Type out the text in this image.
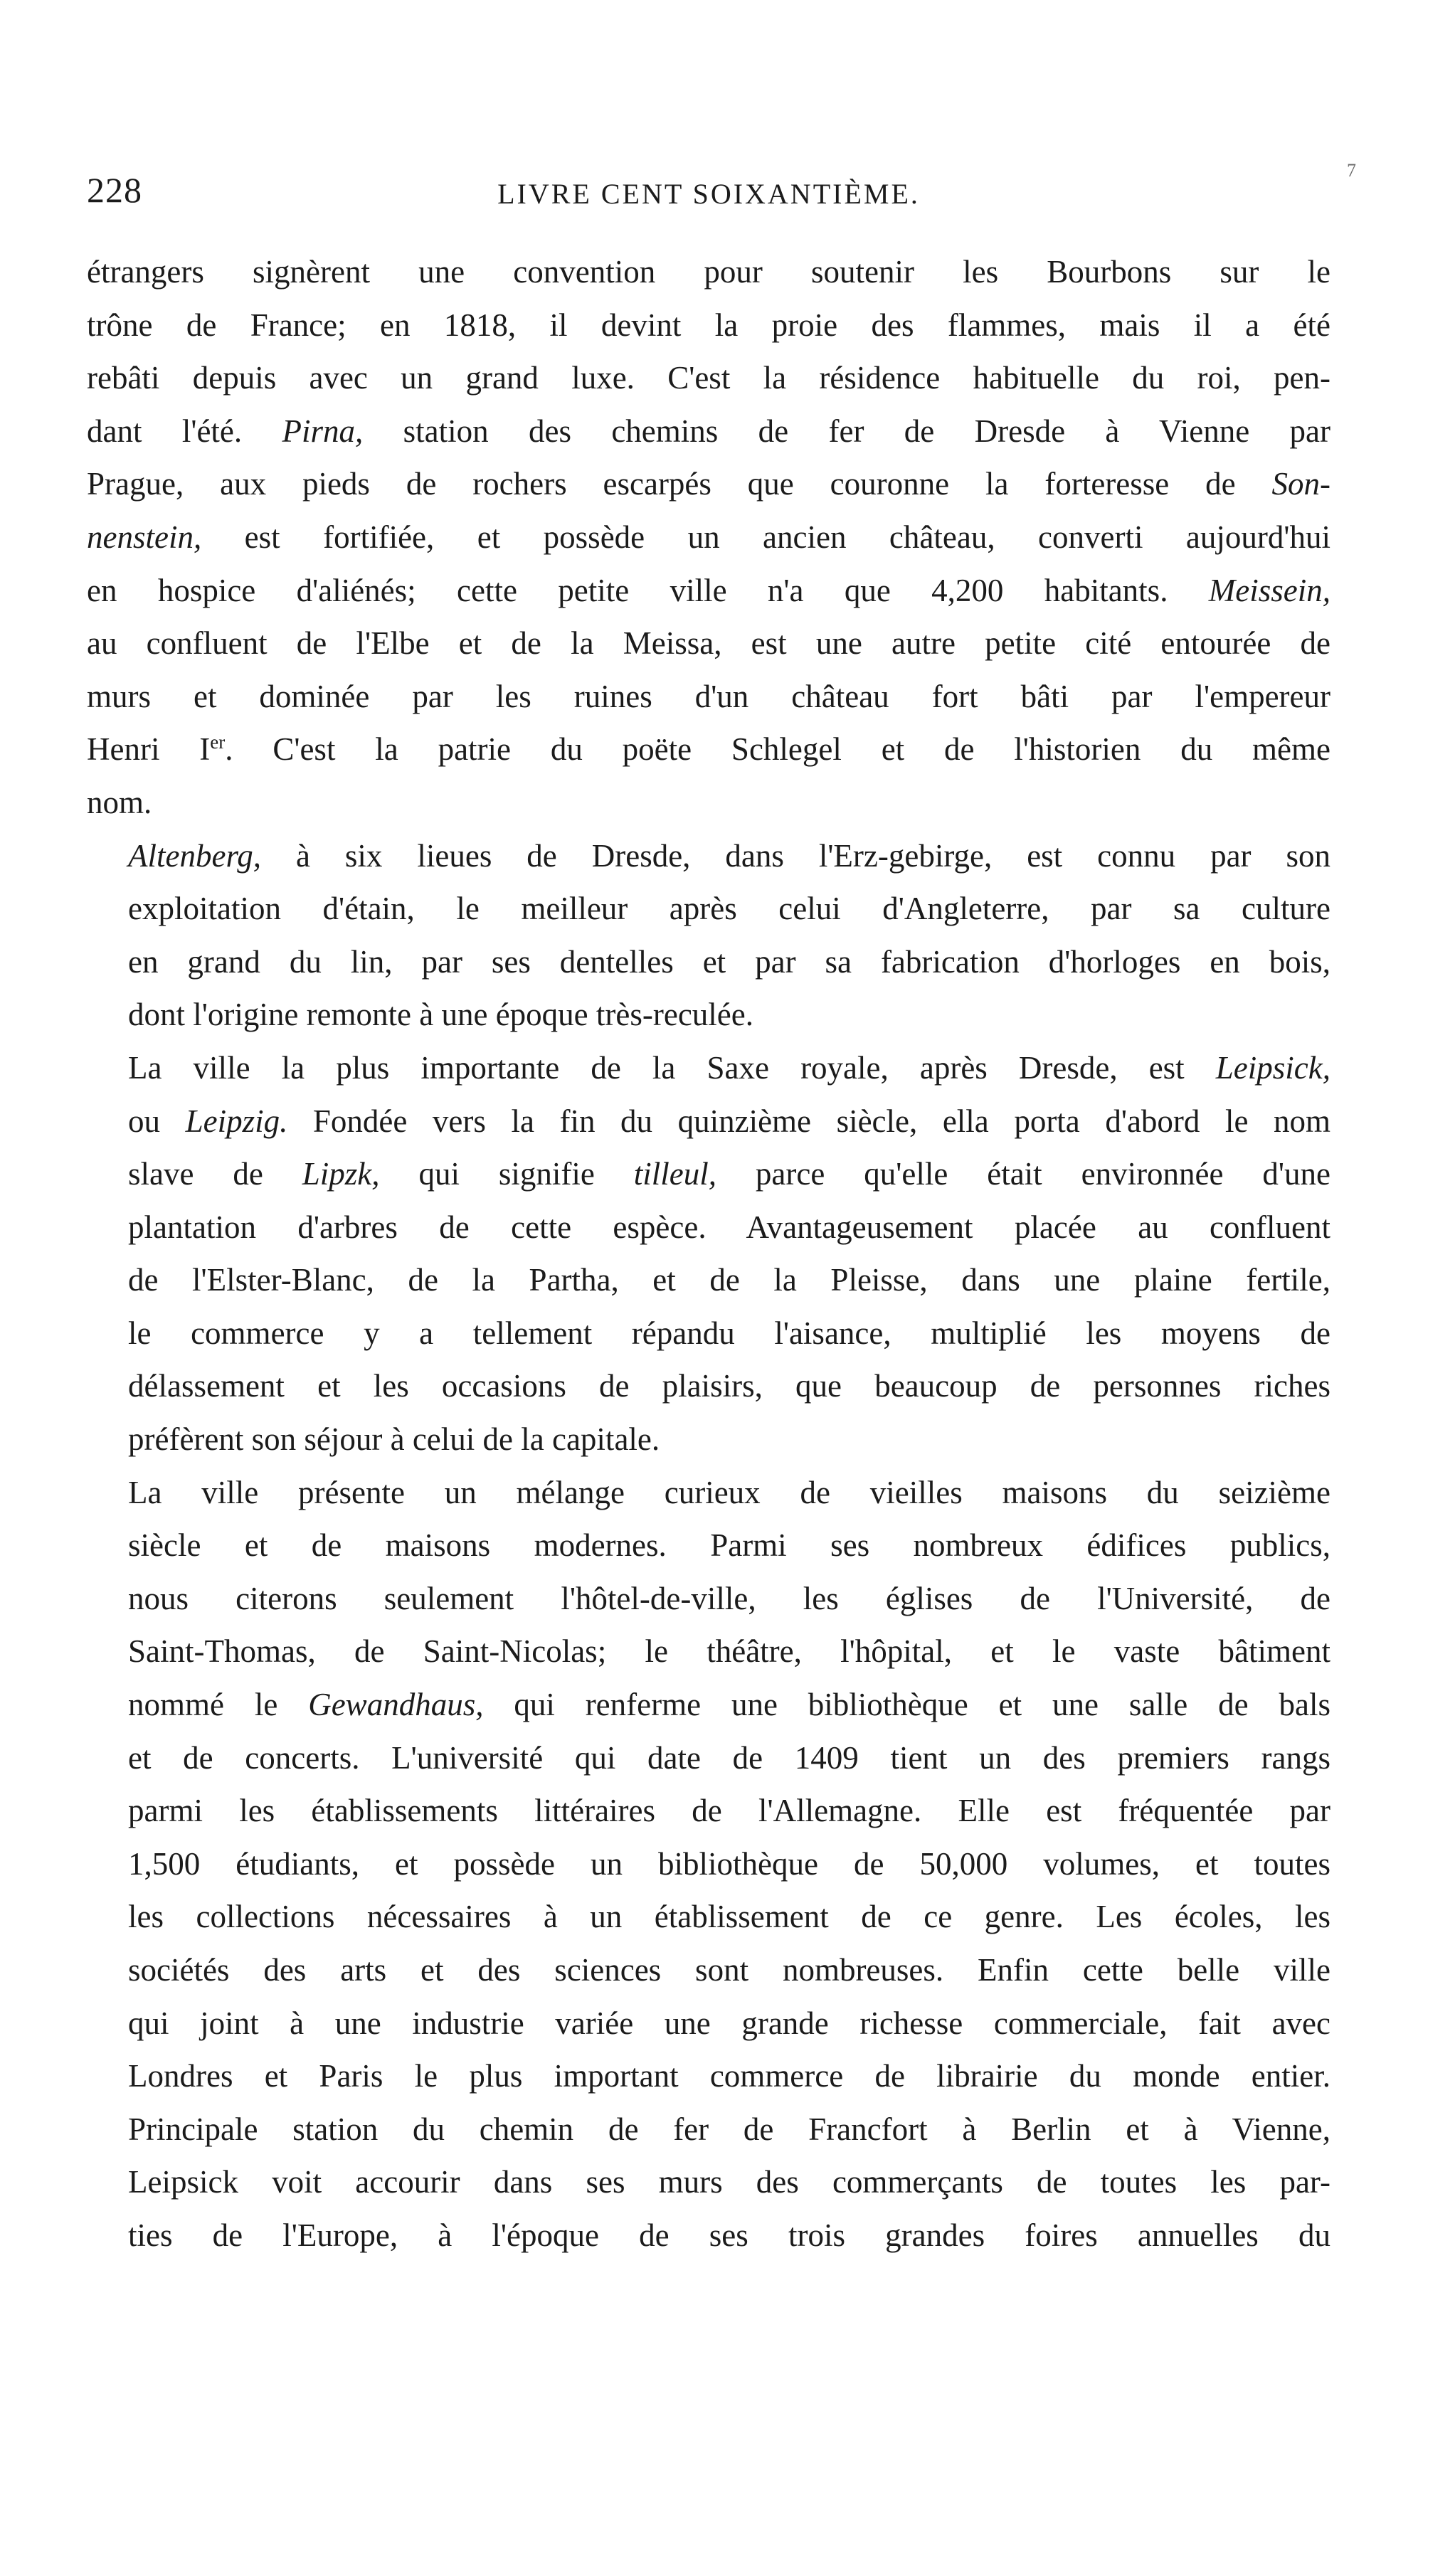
7
228	LIVRE CENT SOIXANTIÈME.
étrangers signèrent une convention pour soutenir les Bourbons sur le
trône de France; en 1818, il devint la proie des flammes, mais il a été
rebâti depuis avec un grand luxe. C'est la résidence habituelle du roi, pen-
dant l'été. Pirna, station des chemins de fer de Dresde à Vienne par
Prague, aux pieds de rochers escarpés que couronne la forteresse de Son-
nenstein, est fortifiée, et possède un ancien château, converti aujourd'hui
en hospice d'aliénés; cette petite ville n'a que 4,200 habitants. Meissein,
au confluent de l'Elbe et de la Meissa, est une autre petite cité entourée de
murs et dominée par les ruines d'un château fort bâti par l'empereur
Henri Ier. C'est la patrie du poëte Schlegel et de l'historien du même
nom.
Altenberg, à six lieues de Dresde, dans l'Erz-gebirge, est connu par son
exploitation d'étain, le meilleur après celui d'Angleterre, par sa culture
en grand du lin, par ses dentelles et par sa fabrication d'horloges en bois,
dont l'origine remonte à une époque très-reculée.
La ville la plus importante de la Saxe royale, après Dresde, est Leipsick,
ou Leipzig. Fondée vers la fin du quinzième siècle, ella porta d'abord le nom
slave de Lipzk, qui signifie tilleul, parce qu'elle était environnée d'une
plantation d'arbres de cette espèce. Avantageusement placée au confluent
de l'Elster-Blanc, de la Partha, et de la Pleisse, dans une plaine fertile,
le commerce y a tellement répandu l'aisance, multiplié les moyens de
délassement et les occasions de plaisirs, que beaucoup de personnes riches
préfèrent son séjour à celui de la capitale.
La ville présente un mélange curieux de vieilles maisons du seizième
siècle et de maisons modernes. Parmi ses nombreux édifices publics,
nous citerons seulement l'hôtel-de-ville, les églises de l'Université, de
Saint-Thomas, de Saint-Nicolas; le théâtre, l'hôpital, et le vaste bâtiment
nommé le Gewandhaus, qui renferme une bibliothèque et une salle de bals
et de concerts. L'université qui date de 1409 tient un des premiers rangs
parmi les établissements littéraires de l'Allemagne. Elle est fréquentée par
1,500 étudiants, et possède un bibliothèque de 50,000 volumes, et toutes
les collections nécessaires à un établissement de ce genre. Les écoles, les
sociétés des arts et des sciences sont nombreuses. Enfin cette belle ville
qui joint à une industrie variée une grande richesse commerciale, fait avec
Londres et Paris le plus important commerce de librairie du monde entier.
Principale station du chemin de fer de Francfort à Berlin et à Vienne,
Leipsick voit accourir dans ses murs des commerçants de toutes les par-
ties de l'Europe, à l'époque de ses trois grandes foires annuelles du
